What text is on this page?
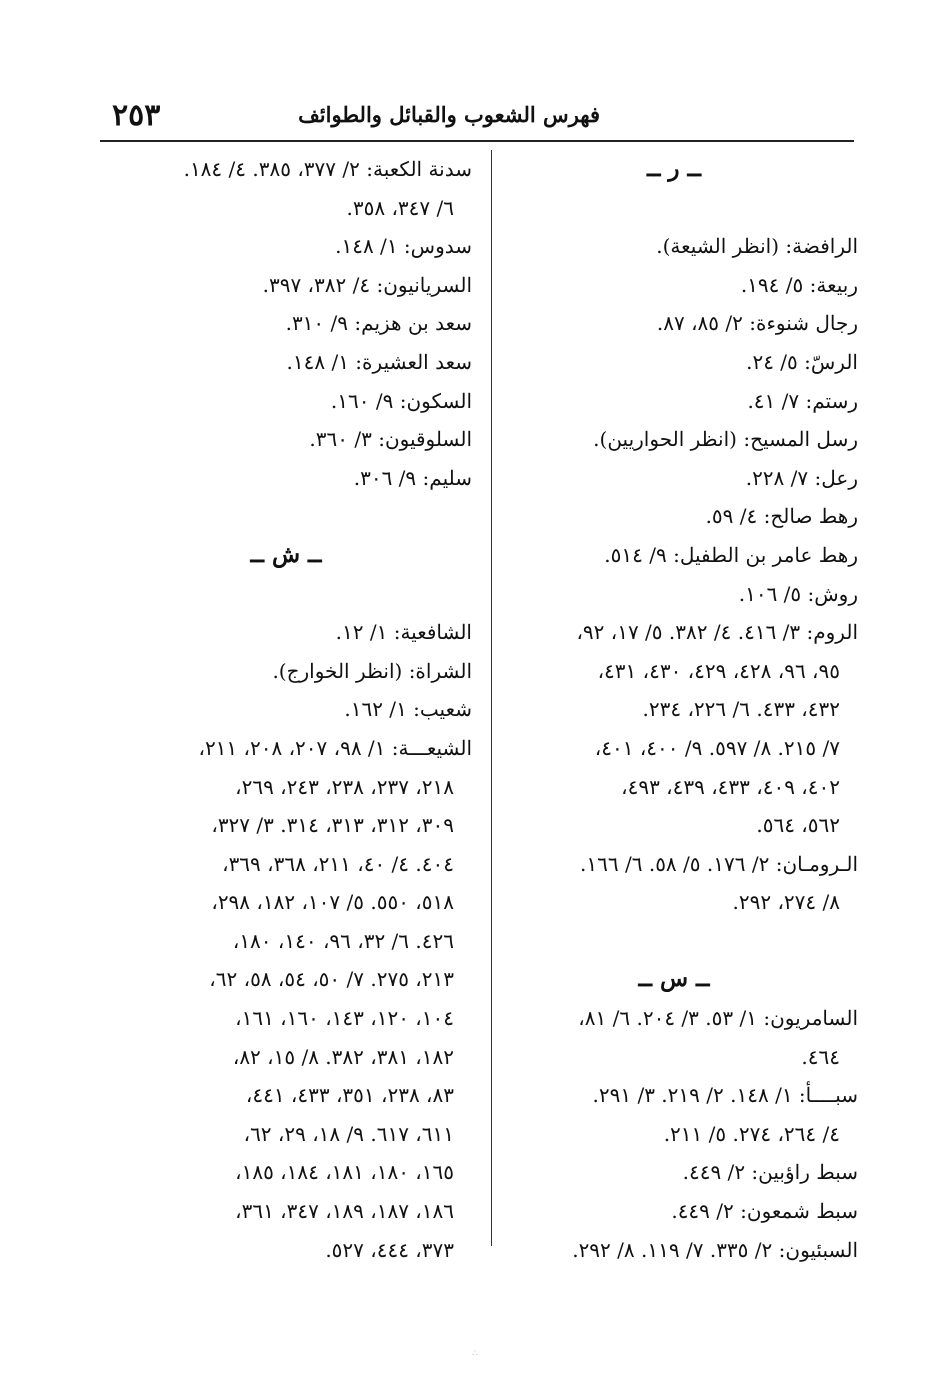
فهرس الشعوب والقبائل والطوائف
٢٥٣
ــ ر ــ
الرافضة: (انظر الشيعة).
ربيعة: ٥/ ١٩٤.
رجال شنوءة: ٢/ ٨٥، ٨٧.
الرسّ: ٥/ ٢٤.
رستم: ٧/ ٤١.
رسل المسيح: (انظر الحواريين).
رعل: ٧/ ٢٢٨.
رهط صالح: ٤/ ٥٩.
رهط عامر بن الطفيل: ٩/ ٥١٤.
روش: ٥/ ١٠٦.
الروم: ٣/ ٤١٦. ٤/ ٣٨٢. ٥/ ١٧، ٩٢،
٩٥، ٩٦، ٤٢٨، ٤٢٩، ٤٣٠، ٤٣١،
٤٣٢، ٤٣٣. ٦/ ٢٢٦، ٢٣٤.
٧/ ٢١٥. ٨/ ٥٩٧. ٩/ ٤٠٠، ٤٠١،
٤٠٢، ٤٠٩، ٤٣٣، ٤٣٩، ٤٩٣،
٥٦٢، ٥٦٤.
الـرومـان: ٢/ ١٧٦. ٥/ ٥٨. ٦/ ١٦٦.
٨/ ٢٧٤، ٢٩٢.
ــ س ــ
السامريون: ١/ ٥٣. ٣/ ٢٠٤. ٦/ ٨١،
٤٦٤.
سبــــأ: ١/ ١٤٨. ٢/ ٢١٩. ٣/ ٢٩١.
٤/ ٢٦٤، ٢٧٤. ٥/ ٢١١.
سبط راؤبين: ٢/ ٤٤٩.
سبط شمعون: ٢/ ٤٤٩.
السبئيون: ٢/ ٣٣٥. ٧/ ١١٩. ٨/ ٢٩٢.
سدنة الكعبة: ٢/ ٣٧٧، ٣٨٥. ٤/ ١٨٤.
٦/ ٣٤٧، ٣٥٨.
سدوس: ١/ ١٤٨.
السريانيون: ٤/ ٣٨٢، ٣٩٧.
سعد بن هزيم: ٩/ ٣١٠.
سعد العشيرة: ١/ ١٤٨.
السكون: ٩/ ١٦٠.
السلوقيون: ٣/ ٣٦٠.
سليم: ٩/ ٣٠٦.
ــ ش ــ
الشافعية: ١/ ١٢.
الشراة: (انظر الخوارج).
شعيب: ١/ ١٦٢.
الشيعـــة: ١/ ٩٨، ٢٠٧، ٢٠٨، ٢١١،
٢١٨، ٢٣٧، ٢٣٨، ٢٤٣، ٢٦٩،
٣٠٩، ٣١٢، ٣١٣، ٣١٤. ٣/ ٣٢٧،
٤٠٤. ٤/ ٤٠، ٢١١، ٣٦٨، ٣٦٩،
٥١٨، ٥٥٠. ٥/ ١٠٧، ١٨٢، ٢٩٨،
٤٢٦. ٦/ ٣٢، ٩٦، ١٤٠، ١٨٠،
٢١٣، ٢٧٥. ٧/ ٥٠، ٥٤، ٥٨، ٦٢،
١٠٤، ١٢٠، ١٤٣، ١٦٠، ١٦١،
١٨٢، ٣٨١، ٣٨٢. ٨/ ١٥، ٨٢،
٨٣، ٢٣٨، ٣٥١، ٤٣٣، ٤٤١،
٦١١، ٦١٧. ٩/ ١٨، ٢٩، ٦٢،
١٦٥، ١٨٠، ١٨١، ١٨٤، ١٨٥،
١٨٦، ١٨٧، ١٨٩، ٣٤٧، ٣٦١،
٣٧٣، ٤٤٤، ٥٢٧.
∴
